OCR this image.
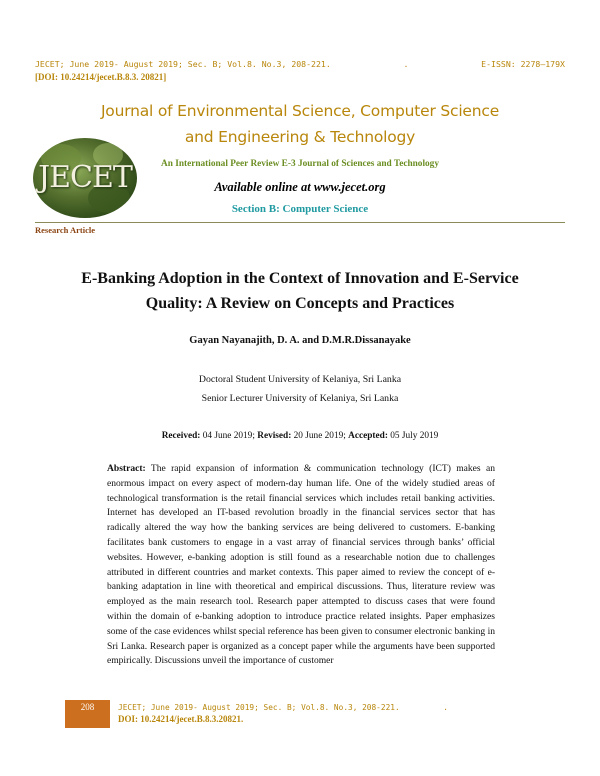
JECET; June 2019- August 2019; Sec. B; Vol.8. No.3, 208-221.	.	E-ISSN: 2278–179X
[DOI: 10.24214/jecet.B.8.3. 20821]
Journal of Environmental Science, Computer Science and Engineering & Technology
JECET	An International Peer Review E-3 Journal of Sciences and Technology
Available online at www.jecet.org
Section B: Computer Science
Research Article
E-Banking Adoption in the Context of Innovation and E-Service Quality: A Review on Concepts and Practices
Gayan Nayanajith, D. A. and D.M.R.Dissanayake
Doctoral Student University of Kelaniya, Sri Lanka
Senior Lecturer University of Kelaniya, Sri Lanka
Received: 04 June 2019; Revised: 20 June 2019; Accepted: 05 July 2019
Abstract: The rapid expansion of information & communication technology (ICT) makes an enormous impact on every aspect of modern-day human life. One of the widely studied areas of technological transformation is the retail financial services which includes retail banking activities. Internet has developed an IT-based revolution broadly in the financial services sector that has radically altered the way how the banking services are being delivered to customers. E-banking facilitates bank customers to engage in a vast array of financial services through banks’ official websites. However, e-banking adoption is still found as a researchable notion due to challenges attributed in different countries and market contexts. This paper aimed to review the concept of e-banking adaptation in line with theoretical and empirical discussions. Thus, literature review was employed as the main research tool. Research paper attempted to discuss cases that were found within the domain of e-banking adoption to introduce practice related insights. Paper emphasizes some of the case evidences whilst special reference has been given to consumer electronic banking in Sri Lanka. Research paper is organized as a concept paper while the arguments have been supported empirically. Discussions unveil the importance of customer
208	JECET; June 2019- August 2019; Sec. B; Vol.8. No.3, 208-221.	.
DOI: 10.24214/jecet.B.8.3.20821.
